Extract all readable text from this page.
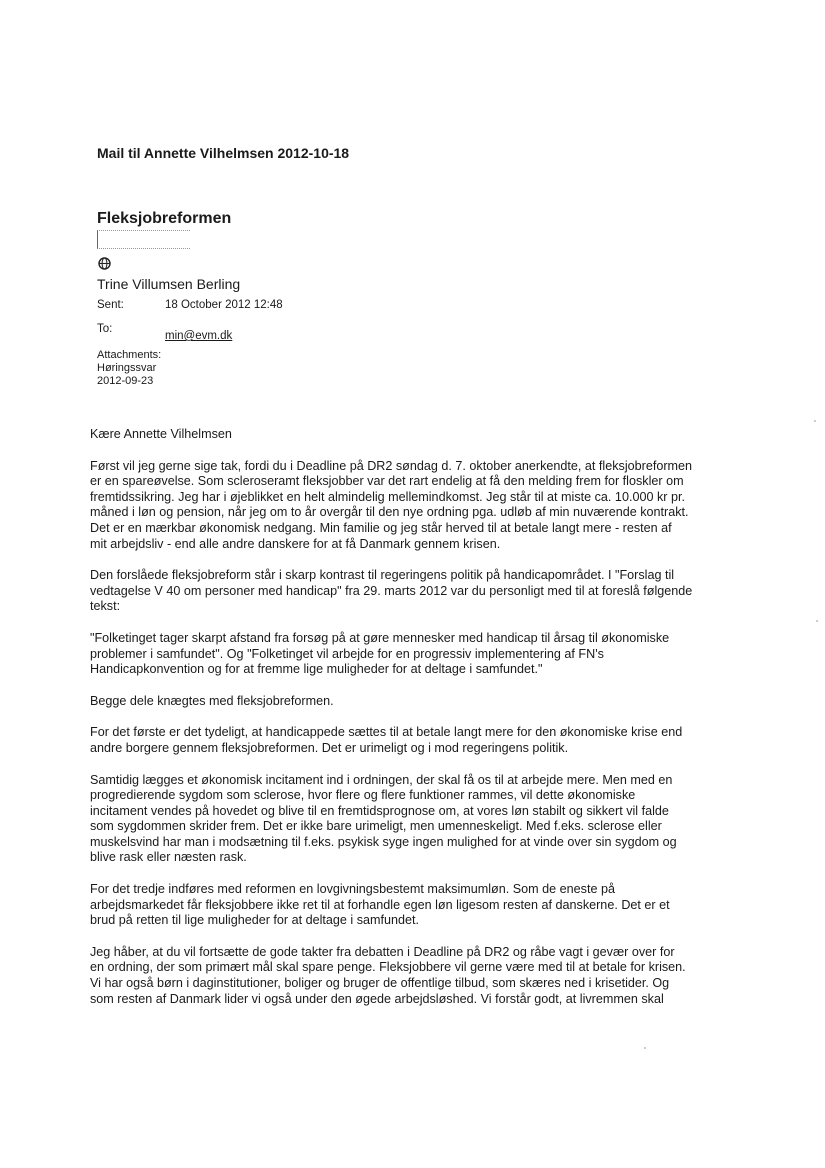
Mail til Annette Vilhelmsen 2012-10-18
Fleksjobreformen
Trine Villumsen Berling
Sent:	18 October 2012 12:48
To:
min@evm.dk
Attachments:
Høringssvar
2012-09-23

Kære Annette Vilhelmsen

Først vil jeg gerne sige tak, fordi du i Deadline på DR2 søndag d. 7. oktober anerkendte, at fleksjobreformen
er en spareøvelse. Som scleroseramt fleksjobber var det rart endelig at få den melding frem for floskler om
fremtidssikring. Jeg har i øjeblikket en helt almindelig mellemindkomst. Jeg står til at miste ca. 10.000 kr pr.
måned i løn og pension, når jeg om to år overgår til den nye ordning pga. udløb af min nuværende kontrakt.
Det er en mærkbar økonomisk nedgang. Min familie og jeg står herved til at betale langt mere - resten af
mit arbejdsliv - end alle andre danskere for at få Danmark gennem krisen.

Den forslåede fleksjobreform står i skarp kontrast til regeringens politik på handicapområdet. I "Forslag til
vedtagelse V 40 om personer med handicap" fra 29. marts 2012 var du personligt med til at foreslå følgende
tekst:

"Folketinget tager skarpt afstand fra forsøg på at gøre mennesker med handicap til årsag til økonomiske
problemer i samfundet". Og "Folketinget vil arbejde for en progressiv implementering af FN's
Handicapkonvention og for at fremme lige muligheder for at deltage i samfundet."

Begge dele knægtes med fleksjobreformen.

For det første er det tydeligt, at handicappede sættes til at betale langt mere for den økonomiske krise end
andre borgere gennem fleksjobreformen. Det er urimeligt og i mod regeringens politik.

Samtidig lægges et økonomisk incitament ind i ordningen, der skal få os til at arbejde mere. Men med en
progredierende sygdom som sclerose, hvor flere og flere funktioner rammes, vil dette økonomiske
incitament vendes på hovedet og blive til en fremtidsprognose om, at vores løn stabilt og sikkert vil falde
som sygdommen skrider frem. Det er ikke bare urimeligt, men umenneskeligt. Med f.eks. sclerose eller
muskelsvind har man i modsætning til f.eks. psykisk syge ingen mulighed for at vinde over sin sygdom og
blive rask eller næsten rask.

For det tredje indføres med reformen en lovgivningsbestemt maksimumløn. Som de eneste på
arbejdsmarkedet får fleksjobbere ikke ret til at forhandle egen løn ligesom resten af danskerne. Det er et
brud på retten til lige muligheder for at deltage i samfundet.

Jeg håber, at du vil fortsætte de gode takter fra debatten i Deadline på DR2 og råbe vagt i gevær over for
en ordning, der som primært mål skal spare penge. Fleksjobbere vil gerne være med til at betale for krisen.
Vi har også børn i daginstitutioner, boliger og bruger de offentlige tilbud, som skæres ned i krisetider. Og
som resten af Danmark lider vi også under den øgede arbejdsløshed. Vi forstår godt, at livremmen skal
